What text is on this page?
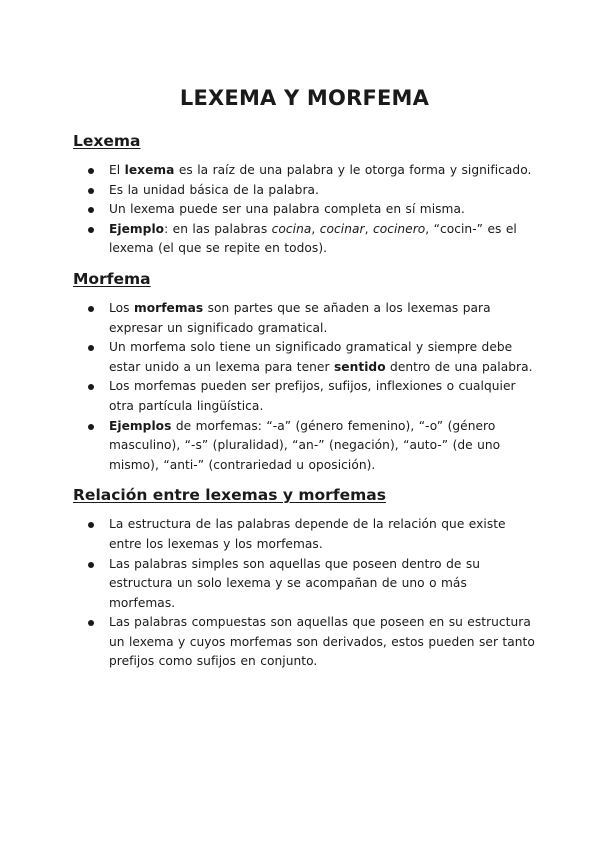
LEXEMA Y MORFEMA
Lexema
El lexema es la raíz de una palabra y le otorga forma y significado.
Es la unidad básica de la palabra.
Un lexema puede ser una palabra completa en sí misma.
Ejemplo: en las palabras cocina, cocinar, cocinero, “cocin-” es el lexema (el que se repite en todos).
Morfema
Los morfemas son partes que se añaden a los lexemas para expresar un significado gramatical.
Un morfema solo tiene un significado gramatical y siempre debe estar unido a un lexema para tener sentido dentro de una palabra.
Los morfemas pueden ser prefijos, sufijos, inflexiones o cualquier otra partícula lingüística.
Ejemplos de morfemas: “-a” (género femenino), “-o” (género masculino), “-s” (pluralidad), “an-” (negación), “auto-” (de uno mismo), “anti-” (contrariedad u oposición).
Relación entre lexemas y morfemas
La estructura de las palabras depende de la relación que existe entre los lexemas y los morfemas.
Las palabras simples son aquellas que poseen dentro de su estructura un solo lexema y se acompañan de uno o más morfemas.
Las palabras compuestas son aquellas que poseen en su estructura un lexema y cuyos morfemas son derivados, estos pueden ser tanto prefijos como sufijos en conjunto.
